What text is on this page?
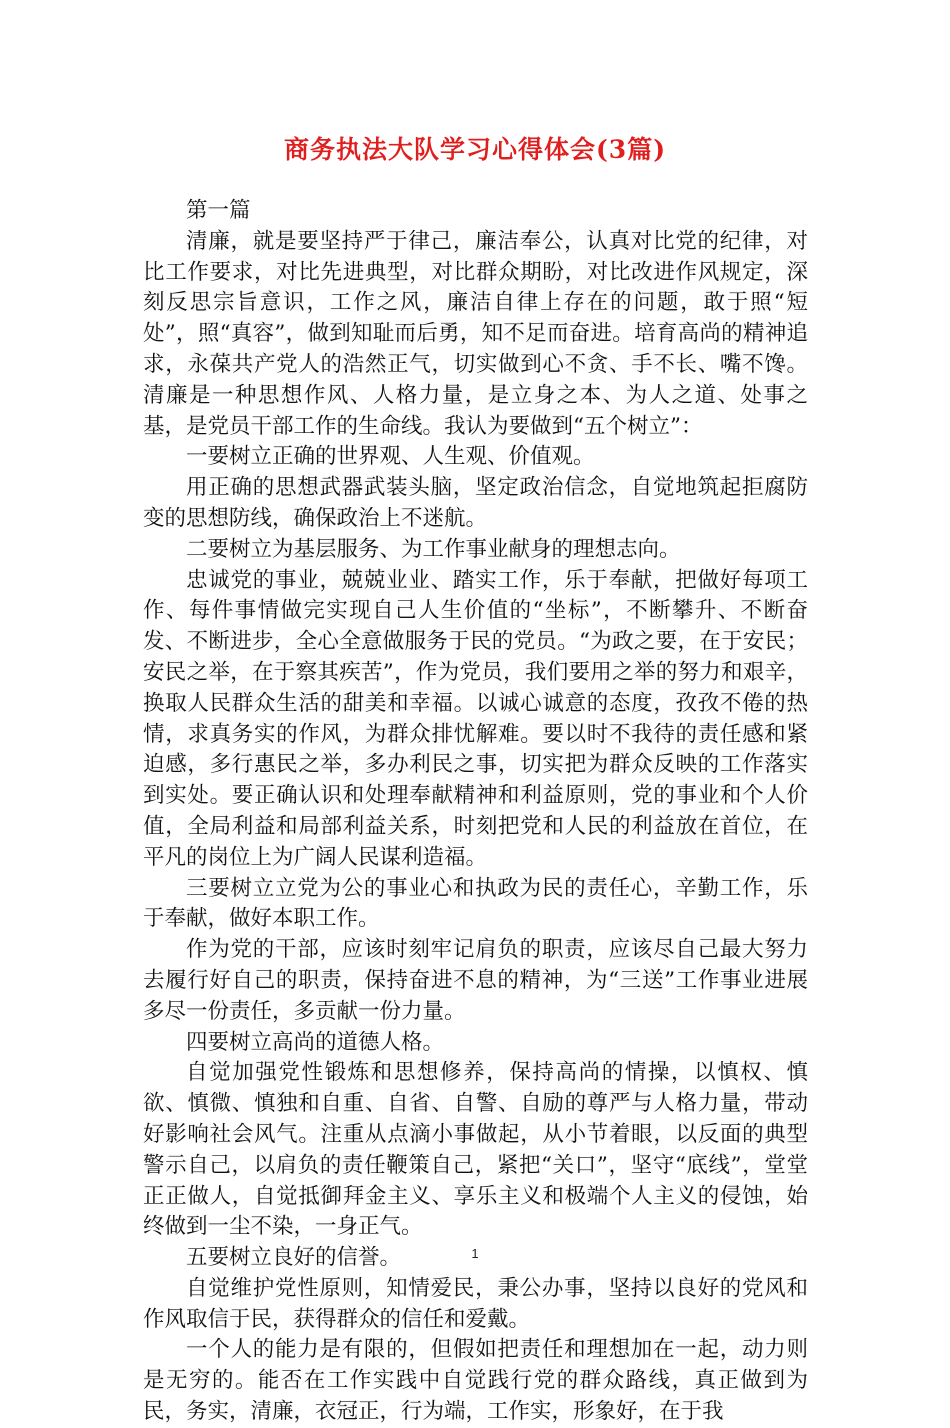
商务执法大队学习心得体会(3篇)

第一篇

清廉，就是要坚持严于律己，廉洁奉公，认真对比党的纪律，对比工作要求，对比先进典型，对比群众期盼，对比改进作风规定，深刻反思宗旨意识，工作之风，廉洁自律上存在的问题，敢于照“短处”，照“真容”，做到知耻而后勇，知不足而奋进。培育高尚的精神追求，永葆共产党人的浩然正气，切实做到心不贪、手不长、嘴不馋。清廉是一种思想作风、人格力量，是立身之本、为人之道、处事之基，是党员干部工作的生命线。我认为要做到“五个树立”：

一要树立正确的世界观、人生观、价值观。

用正确的思想武器武装头脑，坚定政治信念，自觉地筑起拒腐防变的思想防线，确保政治上不迷航。

二要树立为基层服务、为工作事业献身的理想志向。

忠诚党的事业，兢兢业业、踏实工作，乐于奉献，把做好每项工作、每件事情做完实现自己人生价值的“坐标”，不断攀升、不断奋发、不断进步，全心全意做服务于民的党员。“为政之要，在于安民；安民之举，在于察其疾苦”，作为党员，我们要用之举的努力和艰辛，换取人民群众生活的甜美和幸福。以诚心诚意的态度，孜孜不倦的热情，求真务实的作风，为群众排忧解难。要以时不我待的责任感和紧迫感，多行惠民之举，多办利民之事，切实把为群众反映的工作落实到实处。要正确认识和处理奉献精神和利益原则，党的事业和个人价值，全局利益和局部利益关系，时刻把党和人民的利益放在首位，在平凡的岗位上为广阔人民谋利造福。

三要树立立党为公的事业心和执政为民的责任心，辛勤工作，乐于奉献，做好本职工作。

作为党的干部，应该时刻牢记肩负的职责，应该尽自己最大努力去履行好自己的职责，保持奋进不息的精神，为“三送”工作事业进展多尽一份责任，多贡献一份力量。

四要树立高尚的道德人格。

自觉加强党性锻炼和思想修养，保持高尚的情操，以慎权、慎欲、慎微、慎独和自重、自省、自警、自励的尊严与人格力量，带动好影响社会风气。注重从点滴小事做起，从小节着眼，以反面的典型警示自己，以肩负的责任鞭策自己，紧把“关口”，坚守“底线”，堂堂正正做人，自觉抵御拜金主义、享乐主义和极端个人主义的侵蚀，始终做到一尘不染，一身正气。

五要树立良好的信誉。

自觉维护党性原则，知情爱民，秉公办事，坚持以良好的党风和作风取信于民，获得群众的信任和爱戴。

一个人的能力是有限的，但假如把责任和理想加在一起，动力则是无穷的。能否在工作实践中自觉践行党的群众路线，真正做到为民，务实，清廉，衣冠正，行为端，工作实，形象好，在于我

1
